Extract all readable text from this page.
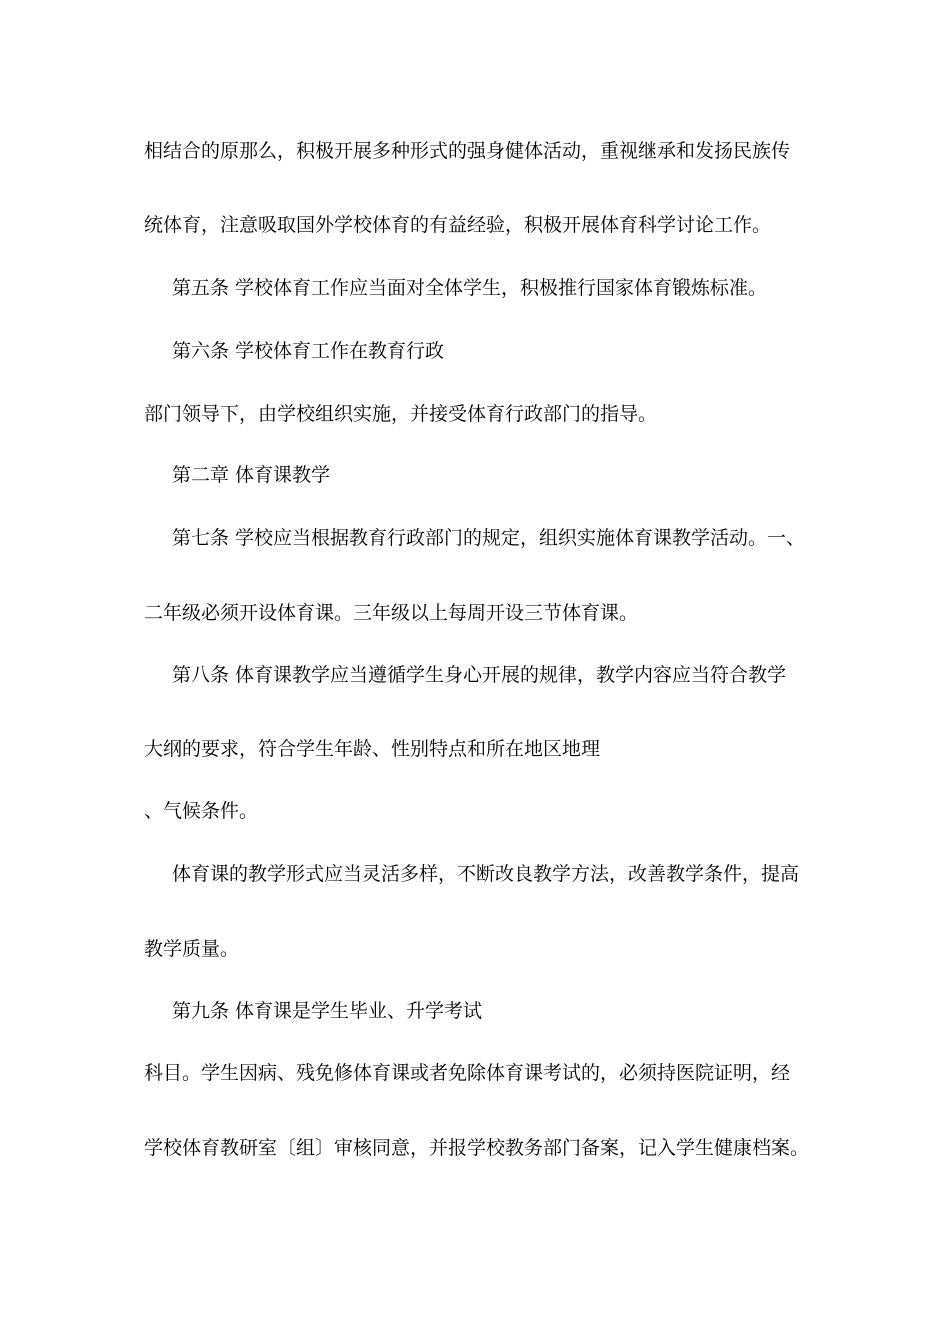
相结合的原那么，积极开展多种形式的强身健体活动，重视继承和发扬民族传
统体育，注意吸取国外学校体育的有益经验，积极开展体育科学讨论工作。
第五条 学校体育工作应当面对全体学生，积极推行国家体育锻炼标准。
第六条 学校体育工作在教育行政
部门领导下，由学校组织实施，并接受体育行政部门的指导。
第二章 体育课教学
第七条 学校应当根据教育行政部门的规定，组织实施体育课教学活动。一、
二年级必须开设体育课。三年级以上每周开设三节体育课。
第八条 体育课教学应当遵循学生身心开展的规律，教学内容应当符合教学
大纲的要求，符合学生年龄、性别特点和所在地区地理
、气候条件。
体育课的教学形式应当灵活多样，不断改良教学方法，改善教学条件，提高
教学质量。
第九条 体育课是学生毕业、升学考试
科目。学生因病、残免修体育课或者免除体育课考试的，必须持医院证明，经
学校体育教研室〔组〕审核同意，并报学校教务部门备案，记入学生健康档案。
